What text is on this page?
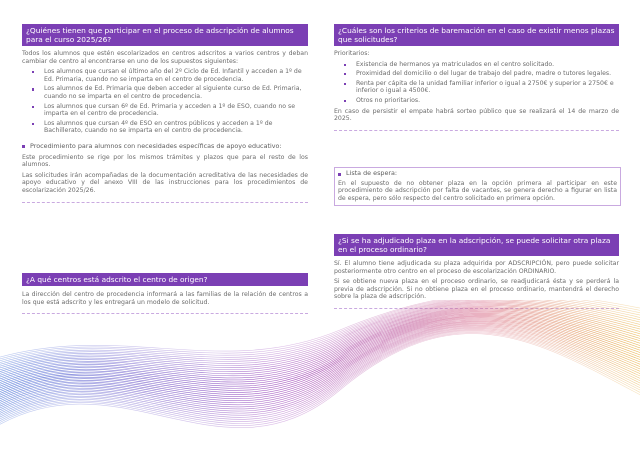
¿Quiénes tienen que participar en el proceso de adscripción de alumnos para el curso 2025/26?

Todos los alumnos que estén escolarizados en centros adscritos a varios centros y deban cambiar de centro al encontrarse en uno de los supuestos siguientes:

Los alumnos que cursan el último año del 2º Ciclo de Ed. Infantil y acceden a 1º de Ed. Primaria, cuando no se imparta en el centro de procedencia.
Los alumnos de Ed. Primaria que deben acceder al siguiente curso de Ed. Primaria, cuando no se imparta en el centro de procedencia.
Los alumnos que cursan 6º de Ed. Primaria y acceden a 1º de ESO, cuando no se imparta en el centro de procedencia.
Los alumnos que cursan 4º de ESO en centros públicos y acceden a 1º de Bachillerato, cuando no se imparta en el centro de procedencia.
Procedimiento para alumnos con necesidades específicas de apoyo educativo:

Este procedimiento se rige por los mismos trámites y plazos que para el resto de los alumnos.

Las solicitudes irán acompañadas de la documentación acreditativa de las necesidades de apoyo educativo y del anexo VIII de las instrucciones para los procedimientos de escolarización 2025/26.

¿A qué centros está adscrito el centro de origen?

La dirección del centro de procedencia informará a las familias de la relación de centros a los que está adscrito y les entregará un modelo de solicitud.

¿Cuáles son los criterios de baremación en el caso de existir menos plazas que solicitudes?

Prioritarios:

Existencia de hermanos ya matriculados en el centro solicitado.
Proximidad del domicilio o del lugar de trabajo del padre, madre o tutores legales.
Renta per cápita de la unidad familiar inferior o igual a 2750€ y superior a 2750€ e inferior o igual a 4500€.
Otros no prioritarios.

En caso de persistir el empate habrá sorteo público que se realizará el 14 de marzo de 2025.

Lista de espera:

En el supuesto de no obtener plaza en la opción primera al participar en este procedimiento de adscripción por falta de vacantes, se genera derecho a figurar en lista de espera, pero sólo respecto del centro solicitado en primera opción.

¿Si se ha adjudicado plaza en la adscripción, se puede solicitar otra plaza en el proceso ordinario?

Sí. El alumno tiene adjudicada su plaza adquirida por ADSCRIPCIÓN, pero puede solicitar posteriormente otro centro en el proceso de escolarización ORDINARIO.

Si se obtiene nueva plaza en el proceso ordinario, se readjudicará ésta y se perderá la previa de adscripción. Si no obtiene plaza en el proceso ordinario, mantendrá el derecho sobre la plaza de adscripción.
